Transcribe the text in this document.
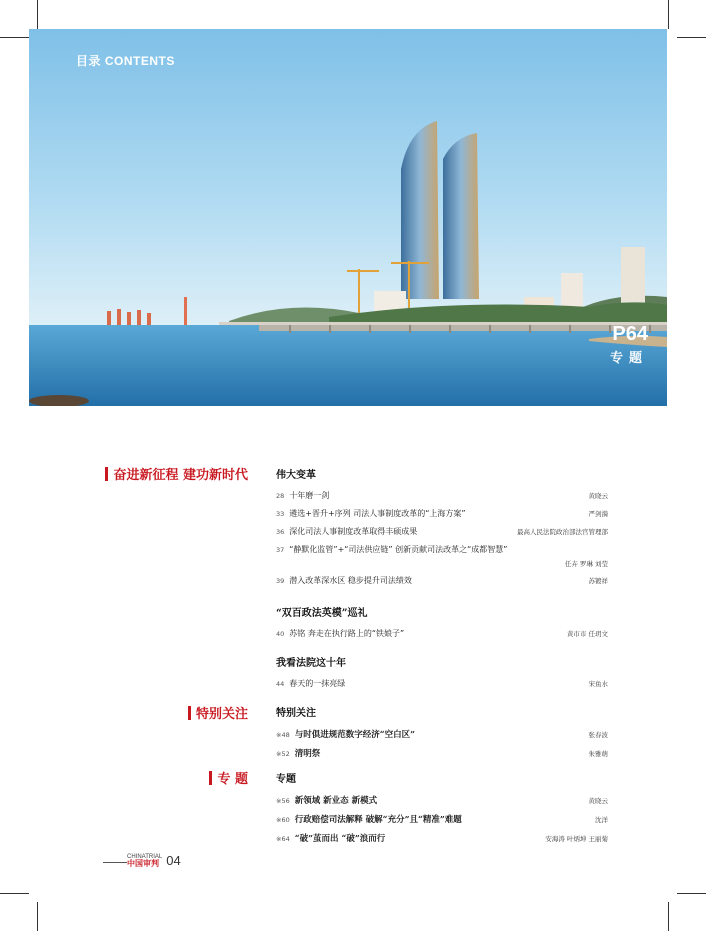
目录 CONTENTS
P64
专题
奋进新征程 建功新时代
特别关注
专 题
伟大变革
28 十年磨一剑	黄晓云
33 遴选+晋升+序列 司法人事制度改革的“上海方案”	严剑漪
36 深化司法人事制度改革取得丰硕成果	最高人民法院政治部法官管理部
37 “静默化监管”+“司法供应链” 创新贡献司法改革之“成都智慧”
任卉 罗琳 刘莹
39 潜入改革深水区 稳步提升司法绩效	苏镀祥
“双百政法英模”巡礼
40 苏铭 奔走在执行路上的“铁娘子”	黄市市 任玥文
我看法院这十年
44 春天的一抹亮绿	宋鱼水
特别关注
※48 与时俱进规范数字经济“空白区”	张春波
※52 清明祭	朱雅萌
专题
※56 新领域 新业态 新模式	黄晓云
※60 行政赔偿司法解释 破解“充分”且“精准”难题	沈洋
※64 “破”茧而出 “破”浪而行	安海涛 叶炳坤 王丽菊
CHINATRIAL
中国审判 04
